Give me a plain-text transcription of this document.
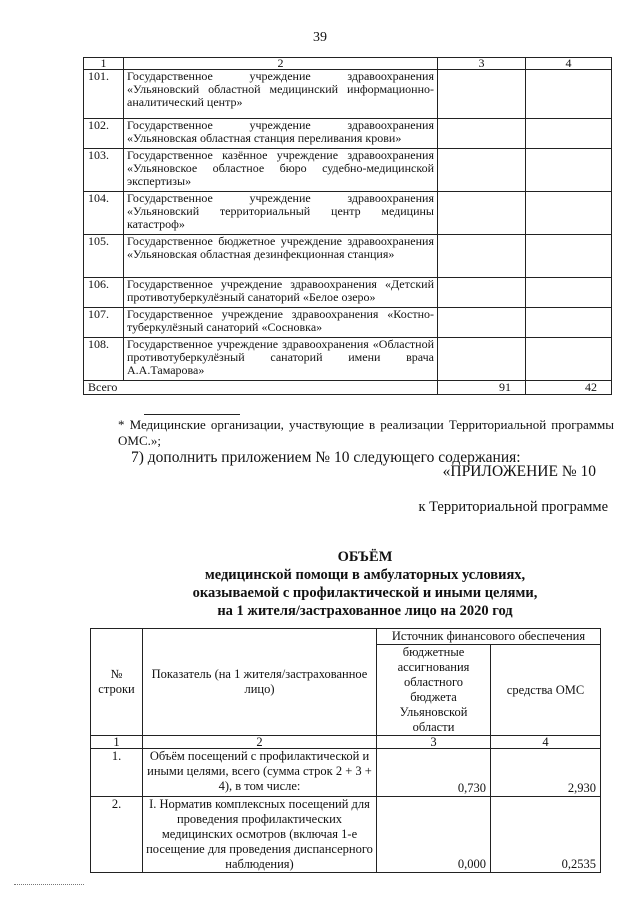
39
1	2	3	4
101.	Государственное учреждение здравоохранения «Ульяновский областной медицинский информационно-аналитический центр»		
102.	Государственное учреждение здравоохранения «Ульяновская областная станция переливания крови»		
103.	Государственное казённое учреждение здравоохранения «Ульяновское областное бюро судебно-медицинской экспертизы»		
104.	Государственное учреждение здравоохранения «Ульяновский территориальный центр медицины катастроф»		
105.	Государственное бюджетное учреждение здравоохранения «Ульяновская областная дезинфекционная станция»		
106.	Государственное учреждение здравоохранения «Детский противотуберкулёзный санаторий «Белое озеро»		
107.	Государственное учреждение здравоохранения «Костно-туберкулёзный санаторий «Сосновка»		
108.	Государственное учреждение здравоохранения «Областной противотуберкулёзный санаторий имени врача А.А.Тамарова»		
Всего		91	42
* Медицинские организации, участвующие в реализации Территориальной программы ОМС.»;
7) дополнить приложением № 10 следующего содержания:
«ПРИЛОЖЕНИЕ № 10
к Территориальной программе
ОБЪЁМ
медицинской помощи в амбулаторных условиях,
оказываемой с профилактической и иными целями,
на 1 жителя/застрахованное лицо на 2020 год
№ строки	Показатель (на 1 жителя/застрахованное лицо)	Источник финансового обеспечения	
		бюджетные ассигнования областного бюджета Ульяновской области	средства ОМС
1	2	3	4
1.	Объём посещений с профилактической и иными целями, всего (сумма строк 2 + 3 + 4), в том числе:	0,730	2,930
2.	I. Норматив комплексных посещений для проведения профилактических медицинских осмотров (включая 1-е посещение для проведения диспансерного наблюдения)	0,000	0,2535
